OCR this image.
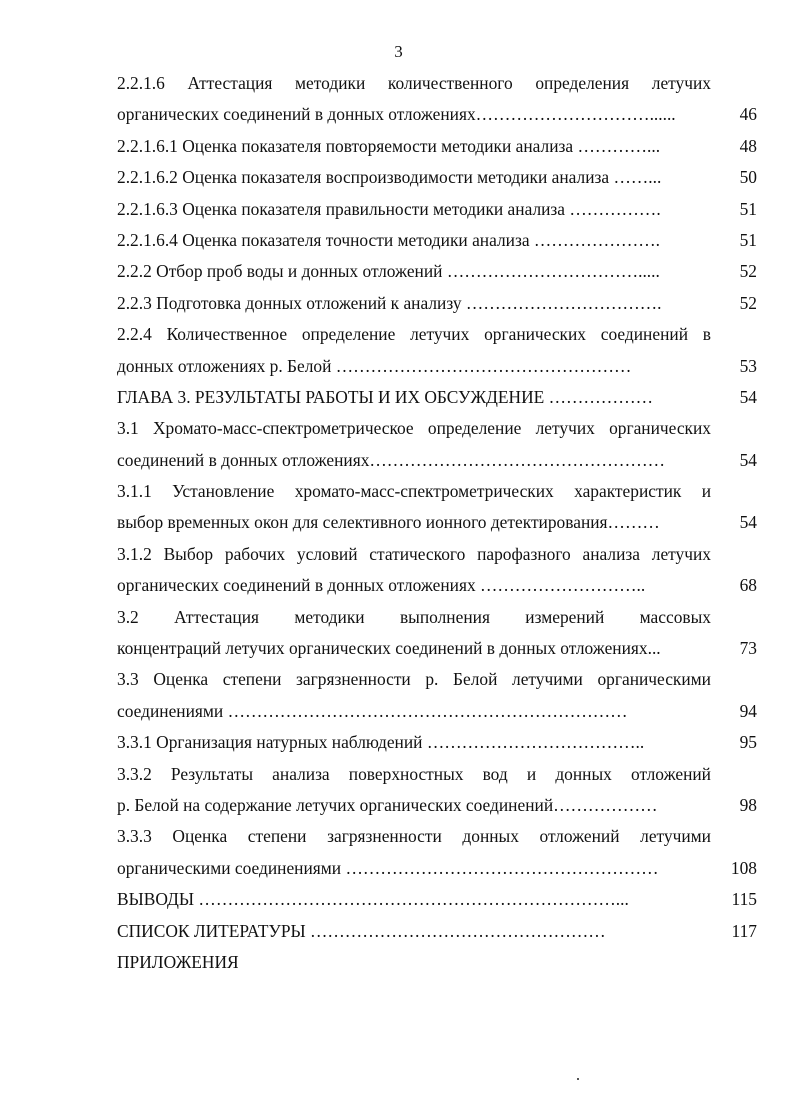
3
2.2.1.6 Аттестация методики количественного определения летучих
органических соединений в донных отложениях…………………………......	46
2.2.1.6.1 Оценка показателя повторяемости методики анализа …………...	48
2.2.1.6.2 Оценка показателя воспроизводимости методики анализа ……...	50
2.2.1.6.3 Оценка показателя правильности методики анализа …………….	51
2.2.1.6.4 Оценка показателя точности методики анализа ………………….	51
2.2.2 Отбор проб воды и донных отложений …………………………….....	52
2.2.3 Подготовка донных отложений к анализу …………………………….	52
2.2.4 Количественное определение летучих органических соединений в
донных отложениях р. Белой ……………………………………………	53
ГЛАВА 3. РЕЗУЛЬТАТЫ РАБОТЫ И ИХ ОБСУЖДЕНИЕ ………………	54
3.1 Хромато-масс-спектрометрическое определение летучих органических
соединений в донных отложениях……………………………………………	54
3.1.1 Установление хромато-масс-спектрометрических характеристик и
выбор временных окон для селективного ионного детектирования………	54
3.1.2 Выбор рабочих условий статического парофазного анализа летучих
органических соединений в донных отложениях ………………………..	68
3.2 Аттестация методики выполнения измерений массовых
концентраций летучих органических соединений в донных отложениях...	73
3.3 Оценка степени загрязненности р. Белой летучими органическими
соединениями ……………………………………………………………	94
3.3.1 Организация натурных наблюдений ………………………………..	95
3.3.2 Результаты анализа поверхностных вод и донных отложений
р. Белой на содержание летучих органических соединений………………	98
3.3.3 Оценка степени загрязненности донных отложений летучими
органическими соединениями ………………………………………………	108
ВЫВОДЫ ………………………………………………………………...	115
СПИСОК ЛИТЕРАТУРЫ ……………………………………………	117
ПРИЛОЖЕНИЯ
